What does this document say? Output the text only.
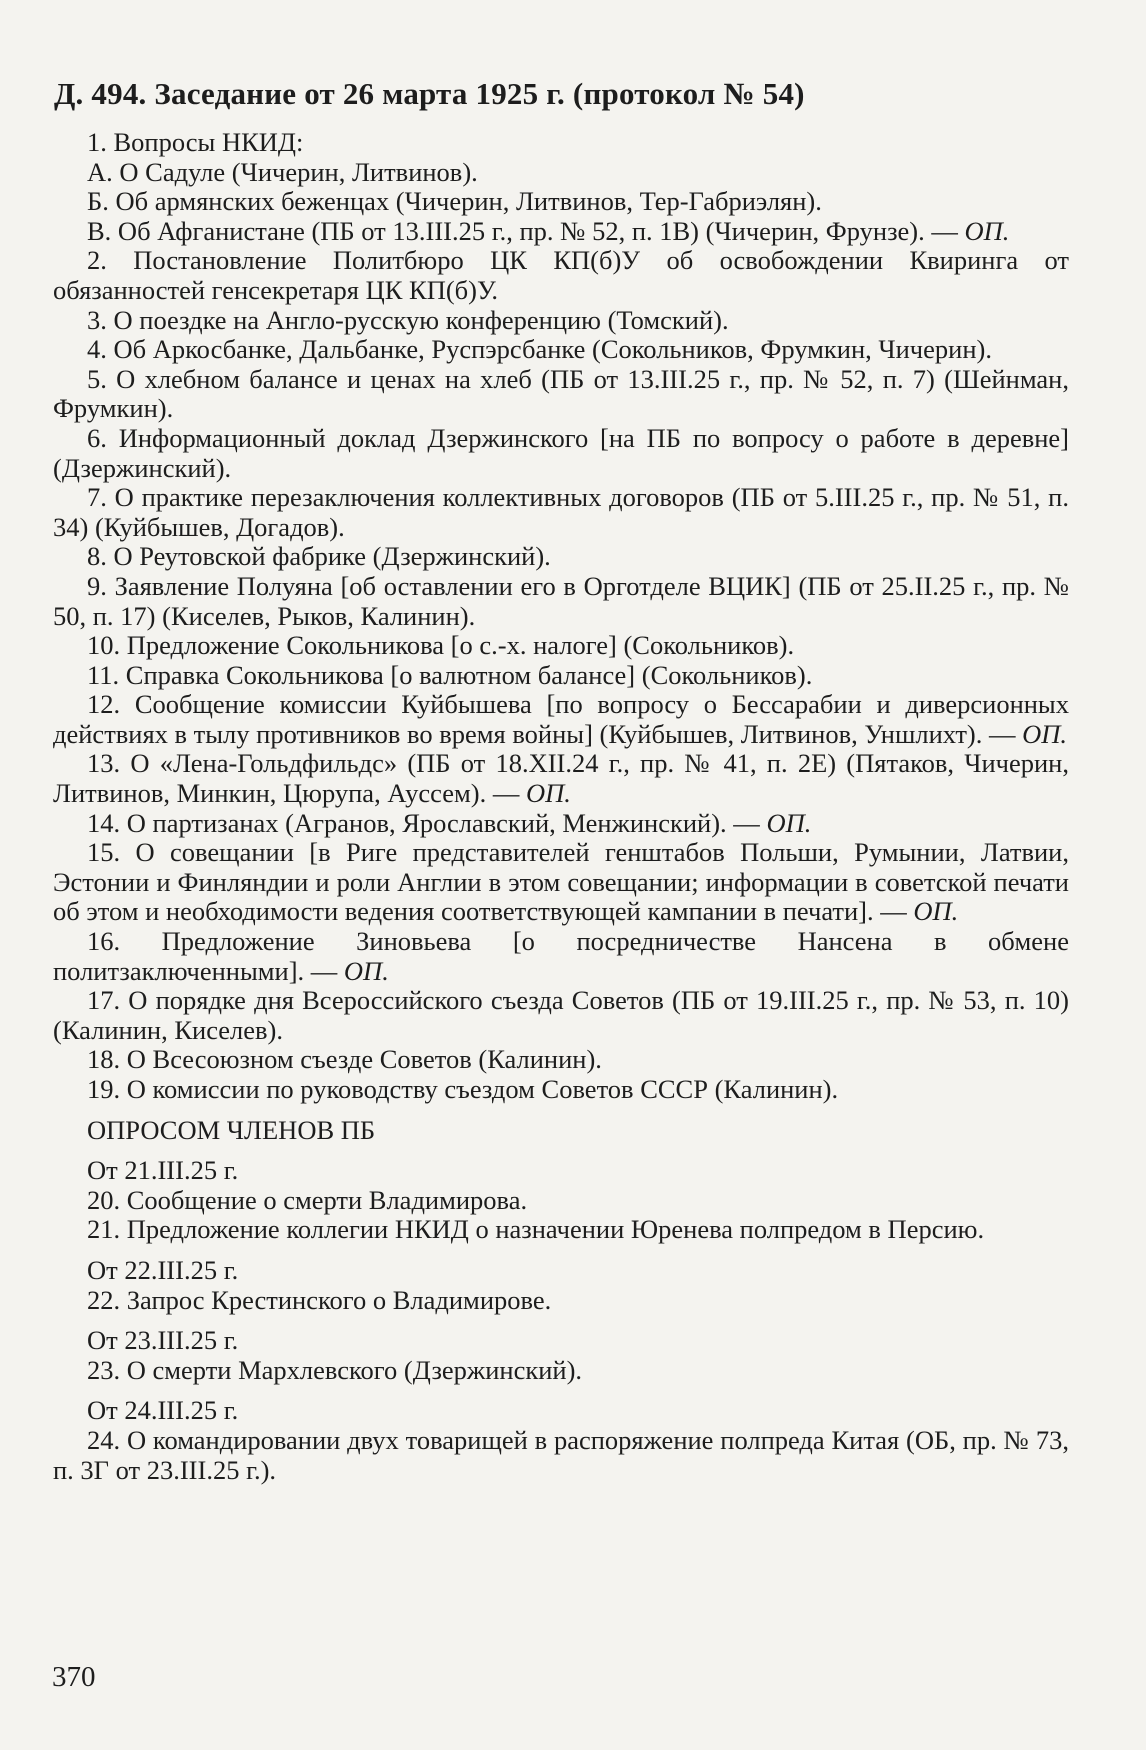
Д. 494. Заседание от 26 марта 1925 г. (протокол № 54)

1. Вопросы НКИД:

А. О Садуле (Чичерин, Литвинов).

Б. Об армянских беженцах (Чичерин, Литвинов, Тер-Габриэлян).

В. Об Афганистане (ПБ от 13.III.25 г., пр. № 52, п. 1В) (Чичерин, Фрунзе). — ОП.

2. Постановление Политбюро ЦК КП(б)У об освобождении Квиринга от обязанностей генсекретаря ЦК КП(б)У.

3. О поездке на Англо-русскую конференцию (Томский).

4. Об Аркосбанке, Дальбанке, Руспэрсбанке (Сокольников, Фрумкин, Чичерин).

5. О хлебном балансе и ценах на хлеб (ПБ от 13.III.25 г., пр. № 52, п. 7) (Шейнман, Фрумкин).

6. Информационный доклад Дзержинского [на ПБ по вопросу о работе в деревне] (Дзержинский).

7. О практике перезаключения коллективных договоров (ПБ от 5.III.25 г., пр. № 51, п. 34) (Куйбышев, Догадов).

8. О Реутовской фабрике (Дзержинский).

9. Заявление Полуяна [об оставлении его в Орготделе ВЦИК] (ПБ от 25.II.25 г., пр. № 50, п. 17) (Киселев, Рыков, Калинин).

10. Предложение Сокольникова [о с.-х. налоге] (Сокольников).

11. Справка Сокольникова [о валютном балансе] (Сокольников).

12. Сообщение комиссии Куйбышева [по вопросу о Бессарабии и диверсионных действиях в тылу противников во время войны] (Куйбышев, Литвинов, Уншлихт). — ОП.

13. О «Лена-Гольдфильдс» (ПБ от 18.XII.24 г., пр. № 41, п. 2Е) (Пятаков, Чичерин, Литвинов, Минкин, Цюрупа, Ауссем). — ОП.

14. О партизанах (Агранов, Ярославский, Менжинский). — ОП.

15. О совещании [в Риге представителей генштабов Польши, Румынии, Латвии, Эстонии и Финляндии и роли Англии в этом совещании; информации в советской печати об этом и необходимости ведения соответствующей кампании в печати]. — ОП.

16. Предложение Зиновьева [о посредничестве Нансена в обмене политзаключенными]. — ОП.

17. О порядке дня Всероссийского съезда Советов (ПБ от 19.III.25 г., пр. № 53, п. 10) (Калинин, Киселев).

18. О Всесоюзном съезде Советов (Калинин).

19. О комиссии по руководству съездом Советов СССР (Калинин).

ОПРОСОМ ЧЛЕНОВ ПБ

От 21.III.25 г.

20. Сообщение о смерти Владимирова.

21. Предложение коллегии НКИД о назначении Юренева полпредом в Персию.

От 22.III.25 г.

22. Запрос Крестинского о Владимирове.

От 23.III.25 г.

23. О смерти Мархлевского (Дзержинский).

От 24.III.25 г.

24. О командировании двух товарищей в распоряжение полпреда Китая (ОБ, пр. № 73, п. 3Г от 23.III.25 г.).

370
